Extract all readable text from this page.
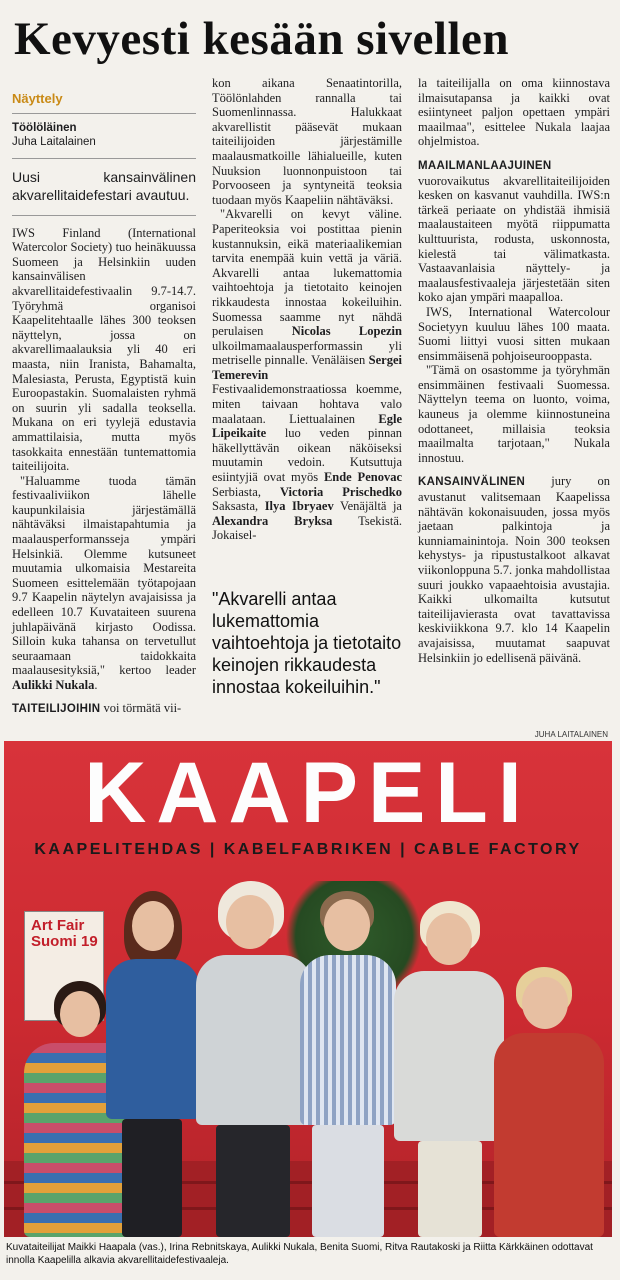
Kevyesti kesään sivellen
Näyttely
Töölöläinen
Juha Laitalainen
Uusi kansainvälinen akvarellitaidefestari avautuu.

IWS Finland (International Watercolor Society) tuo heinäkuussa Suomeen ja Helsinkiin uuden kansainvälisen akvarellitaidefestivaalin 9.7-14.7. Työryhmä organisoi Kaapelitehtaalle lähes 300 teoksen näyttelyn, jossa on akvarellimaalauksia yli 40 eri maasta, niin Iranista, Bahamalta, Malesiasta, Perusta, Egyptistä kuin Euroopastakin. Suomalaisten ryhmä on suurin yli sadalla teoksella. Mukana on eri tyylejä edustavia ammattilaisia, mutta myös tasokkaita ennestään tuntemattomia taiteilijoita.

"Haluamme tuoda tämän festivaaliviikon lähelle kaupunkilaisia järjestämällä nähtäväksi ilmaistapahtumia ja maalausperformansseja ympäri Helsinkiä. Olemme kutsuneet muutamia ulkomaisia Mestareita Suomeen esittelemään työtapojaan 9.7 Kaapelin näytelyn avajaisissa ja edelleen 10.7 Kuvataiteen suurena juhlapäivänä kirjasto Oodissa. Silloin kuka tahansa on tervetullut seuraamaan taidokkaita maalausesityksiä," kertoo leader Aulikki Nukala.

TAITEILIJOIHIN voi törmätä vii-

kon aikana Senaatintorilla, Töölönlahden rannalla tai Suomenlinnassa. Halukkaat akvarellistit pääsevät mukaan taiteilijoiden järjestämille maalausmatkoille lähialueille, kuten Nuuksion luonnonpuistoon tai Porvooseen ja syntyneitä teoksia tuodaan myös Kaapeliin nähtäväksi.

"Akvarelli on kevyt väline. Paperiteoksia voi postittaa pienin kustannuksin, eikä materiaalikemian tarvita enempää kuin vettä ja väriä. Akvarelli antaa lukemattomia vaihtoehtoja ja tietotaito keinojen rikkaudesta innostaa kokeiluihin. Suomessa saamme nyt nähdä perulaisen Nicolas Lopezin ulkoilmamaalausperformassin yli metriselle pinnalle. Venäläisen Sergei Temerevin Festivaalidemonstraatiossa koemme, miten taivaan hohtava valo maalataan. Liettualainen Egle Lipeikaite luo veden pinnan häkellyttävän oikean näköiseksi muutamin vedoin. Kutsuttuja esiintyjiä ovat myös Ende Penovac Serbiasta, Victoria Prischedko Saksasta, Ilya Ibryaev Venäjältä ja Alexandra Bryksa Tsekistä. Jokaisel-

"Akvarelli antaa lukemattomia vaihtoehtoja ja tietotaito keinojen rikkaudesta innostaa kokeiluihin."

la taiteilijalla on oma kiinnostava ilmaisutapansa ja kaikki ovat esiintyneet paljon opettaen ympäri maailmaa", esittelee Nukala laajaa ohjelmistoa.

MAAILMANLAAJUINEN vuorovaikutus akvarellitaiteilijoiden kesken on kasvanut vauhdilla. IWS:n tärkeä periaate on yhdistää ihmisiä maalaustaiteen myötä riippumatta kulttuurista, rodusta, uskonnosta, kielestä tai välimatkasta. Vastaavanlaisia näyttely- ja maalausfestivaaleja järjestetään siten koko ajan ympäri maapalloa.

IWS, International Watercolour Societyyn kuuluu lähes 100 maata. Suomi liittyi vuosi sitten mukaan ensimmäisenä pohjoiseurooppasta.

"Tämä on osastomme ja työryhmän ensimmäinen festivaali Suomessa. Näyttelyn teema on luonto, voima, kauneus ja olemme kiinnostuneina odottaneet, millaisia teoksia maailmalta tarjotaan," Nukala innostuu.

KANSAINVÄLINEN jury on avustanut valitsemaan Kaapelissa nähtävän kokonaisuuden, jossa myös jaetaan palkintoja ja kunniamainintoja. Noin 300 teoksen kehystys- ja ripustustalkoot alkavat viikonloppuna 5.7. jonka mahdollistaa suuri joukko vapaaehtoisia avustajia. Kaikki ulkomailta kutsutut taiteilijavierasta ovat tavattavissa keskiviikkona 9.7. klo 14 Kaapelin avajaisissa, muutamat saapuvat Helsinkiin jo edellisenä päivänä.

JUHA LAITALAINEN
KAAPELI
KAAPELITEHDAS | KABELFABRIKEN | CABLE FACTORY
Art Fair Suomi 19
Kuvataiteilijat Maikki Haapala (vas.), Irina Rebnitskaya, Aulikki Nukala, Benita Suomi, Ritva Rautakoski ja Riitta Kärkkäinen odottavat innolla Kaapelilla alkavia akvarellitaidefestivaaleja.
